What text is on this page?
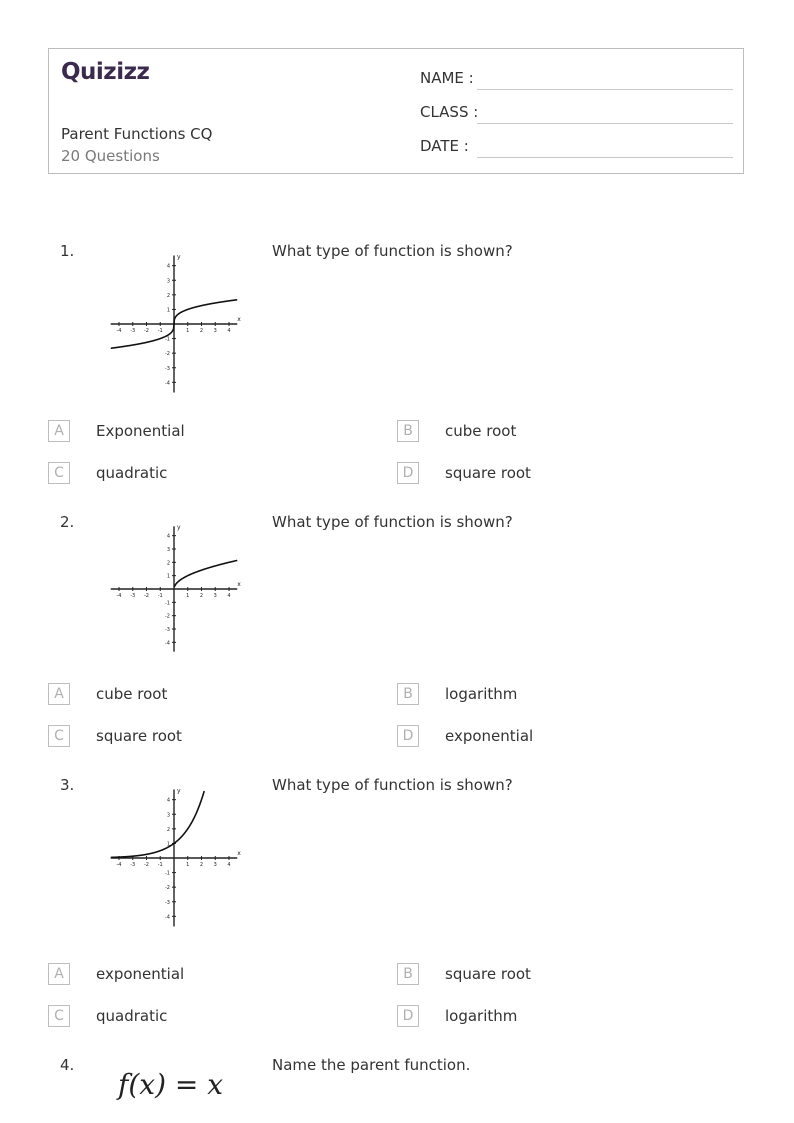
Quizizz
Parent Functions CQ
20 Questions
NAME :
CLASS :
DATE :
1.	What type of function is shown?
-4 -3 -2 -1	1 2 3 4
4
3
2
1
-1
-2
-3
-4
x
y
A	Exponential	B	cube root
C	quadratic	D	square root
2.	What type of function is shown?
-4 -3 -2 -1	1 2 3 4
4
3
2
1
-1
-2
-3
-4
x
y
A	cube root	B	logarithm
C	square root	D	exponential
3.	What type of function is shown?
-4 -3 -2 -1	1 2 3 4
4
3
2
1
-1
-2
-3
-4
x
y
A	exponential	B	square root
C	quadratic	D	logarithm
4.	Name the parent function.
f(x) = x
